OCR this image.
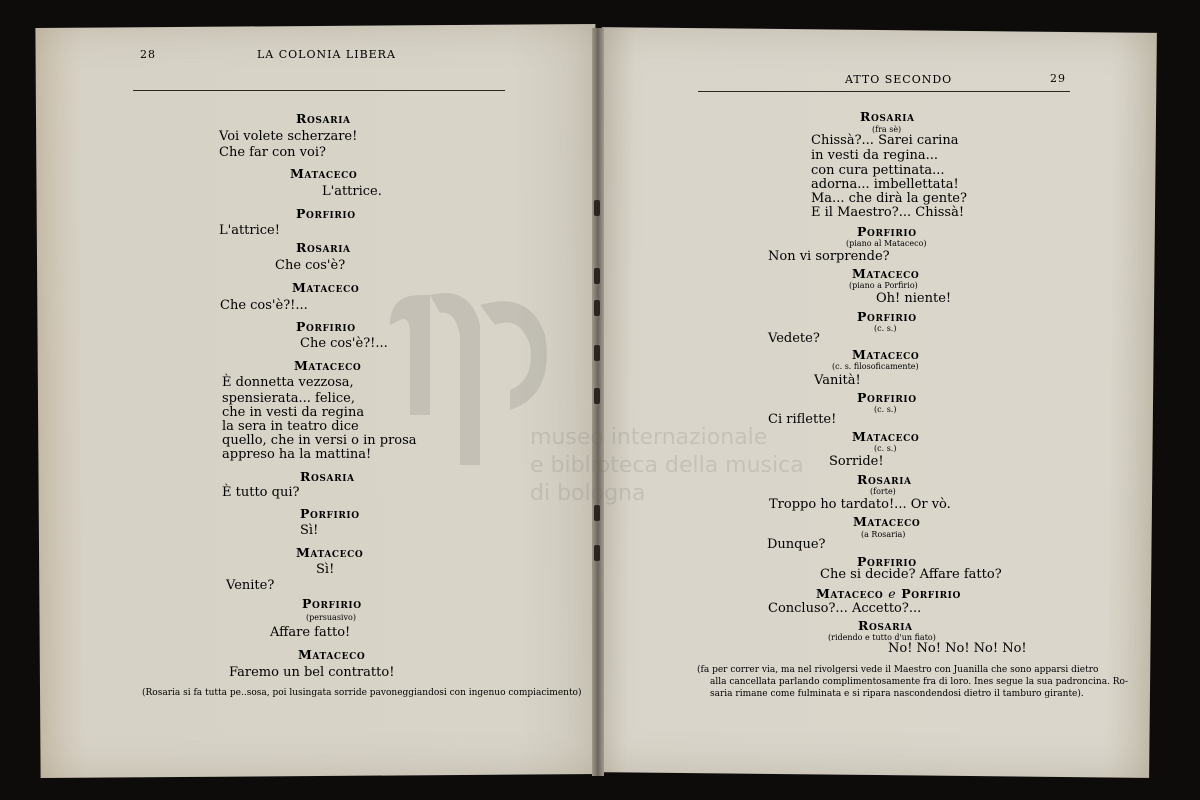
28	LA COLONIA LIBERA
ATTO SECONDO	29
Rosaria
Voi volete scherzare!
Che far con voi?
Mataceco
L'attrice.
Porfirio
L'attrice!
Rosaria
Che cos'è?
Mataceco
Che cos'è?!...
Porfirio
Che cos'è?!...
Mataceco
È donnetta vezzosa,
spensierata... felice,
che in vesti da regina
la sera in teatro dice
quello, che in versi o in prosa
appreso ha la mattina!
Rosaria
È tutto qui?
Porfirio
Sì!
Mataceco
Sì!
Venite?
Porfirio
(persuasivo)
Affare fatto!
Mataceco
Faremo un bel contratto!
(Rosaria si fa tutta pe..sosa, poi lusingata sorride pavoneggiandosi con ingenuo compiacimento)
Rosaria
(fra sè)
Chissà?... Sarei carina
in vesti da regina...
con cura pettinata...
adorna... imbellettata!
Ma... che dirà la gente?
E il Maestro?... Chissà!
Porfirio
(piano al Mataceco)
Non vi sorprende?
Mataceco
(piano a Porfirio)
Oh! niente!
Porfirio
(c. s.)
Vedete?
Mataceco
(c. s. filosoficamente)
Vanità!
Porfirio
(c. s.)
Ci riflette!
Mataceco
(c. s.)
Sorride!
Rosaria
(forte)
Troppo ho tardato!... Or vò.
Mataceco
(a Rosaria)
Dunque?
Porfirio
Che si decide? Affare fatto?
Mataceco e Porfirio
Concluso?... Accetto?...
Rosaria
(ridendo e tutto d'un fiato)
No! No! No! No! No!
(fa per correr via, ma nel rivolgersi vede il Maestro con Juanilla che sono apparsi dietro
alla cancellata parlando complimentosamente fra di loro. Ines segue la sua padroncina. Ro-
saria rimane come fulminata e si ripara nascondendosi dietro il tamburo girante).
